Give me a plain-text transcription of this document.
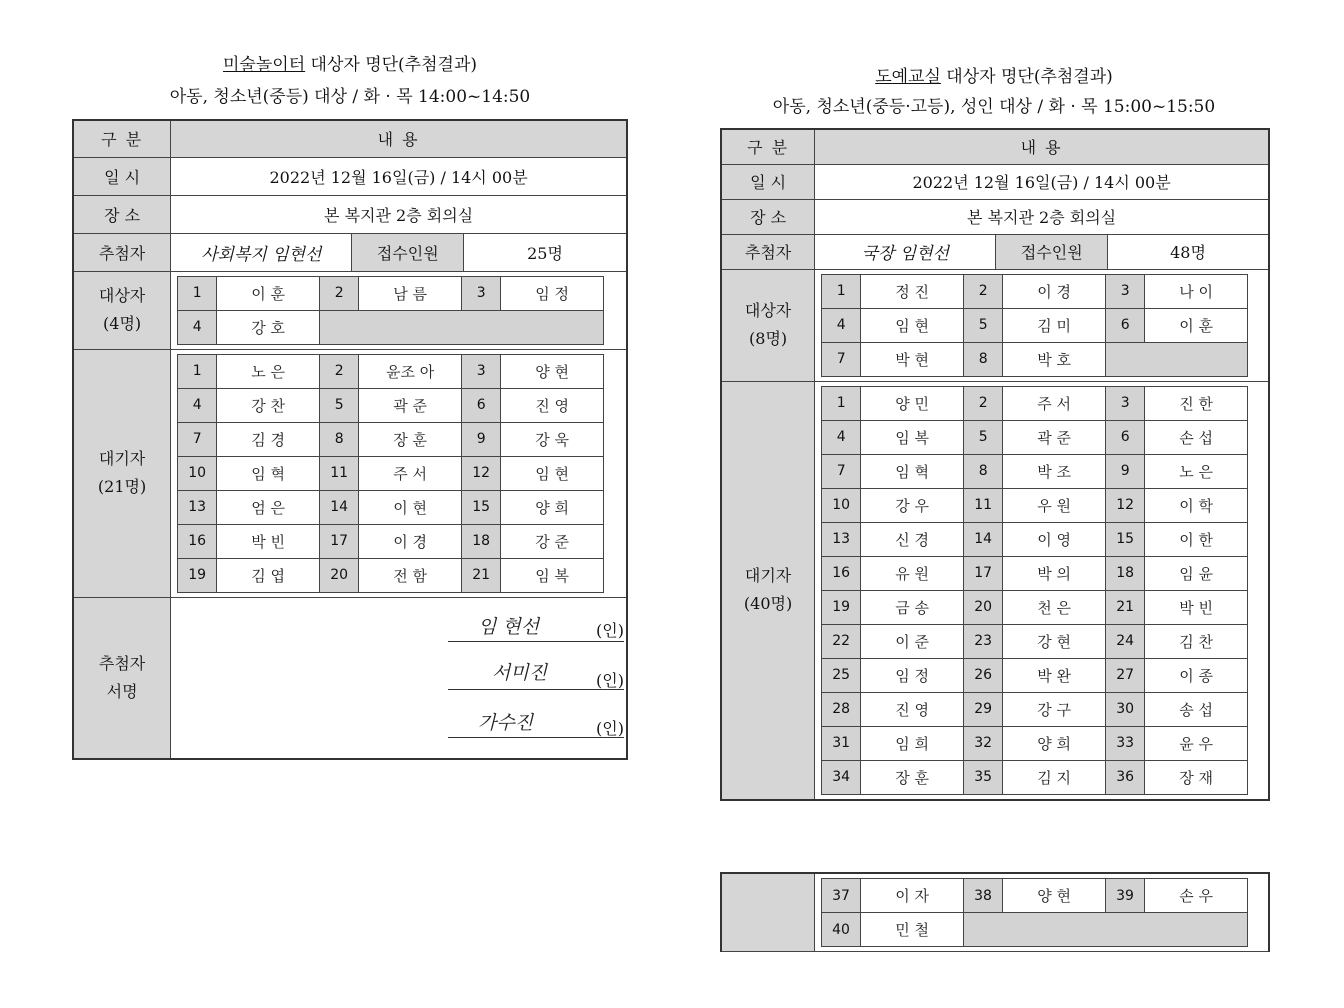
미술놀이터 대상자 명단(추첨결과)
아동, 청소년(중등) 대상 / 화 · 목 14:00~14:50
구 분	내 용
일 시	2022년 12월 16일(금) / 14시 00분
장 소	본 복지관 2층 회의실
추첨자	사회복지 임현선	접수인원	25명
대상자
(4명)	
1	이 훈	2	남 름	3	임 정
4	강 호	

대기자
(21명)	
1	노 은	2	윤조 아	3	양 현
4	강 찬	5	곽 준	6	진 영
7	김 경	8	장 훈	9	강 욱
10	임 혁	11	주 서	12	임 현
13	엄 은	14	이 현	15	양 희
16	박 빈	17	이 경	18	강 준
19	김 엽	20	전 함	21	임 복

추첨자
서명	
임 현선	(인)
서미진	(인)
가수진	(인)
도예교실 대상자 명단(추첨결과)
아동, 청소년(중등·고등), 성인 대상 / 화 · 목 15:00~15:50
구 분	내 용
일 시	2022년 12월 16일(금) / 14시 00분
장 소	본 복지관 2층 회의실
추첨자	국장 임현선	접수인원	48명
대상자
(8명)	
1	정 진	2	이 경	3	나 이
4	임 현	5	김 미	6	이 훈
7	박 현	8	박 호	

대기자
(40명)	
1	양 민	2	주 서	3	진 한
4	임 복	5	곽 준	6	손 섭
7	임 혁	8	박 조	9	노 은
10	강 우	11	우 원	12	이 학
13	신 경	14	이 영	15	이 한
16	유 원	17	박 의	18	임 윤
19	금 송	20	천 은	21	박 빈
22	이 준	23	강 현	24	김 찬
25	임 정	26	박 완	27	이 종
28	진 영	29	강 구	30	송 섭
31	임 희	32	양 희	33	윤 우
34	장 훈	35	김 지	36	장 재

37	이 자	38	양 현	39	손 우
40	민 철	
